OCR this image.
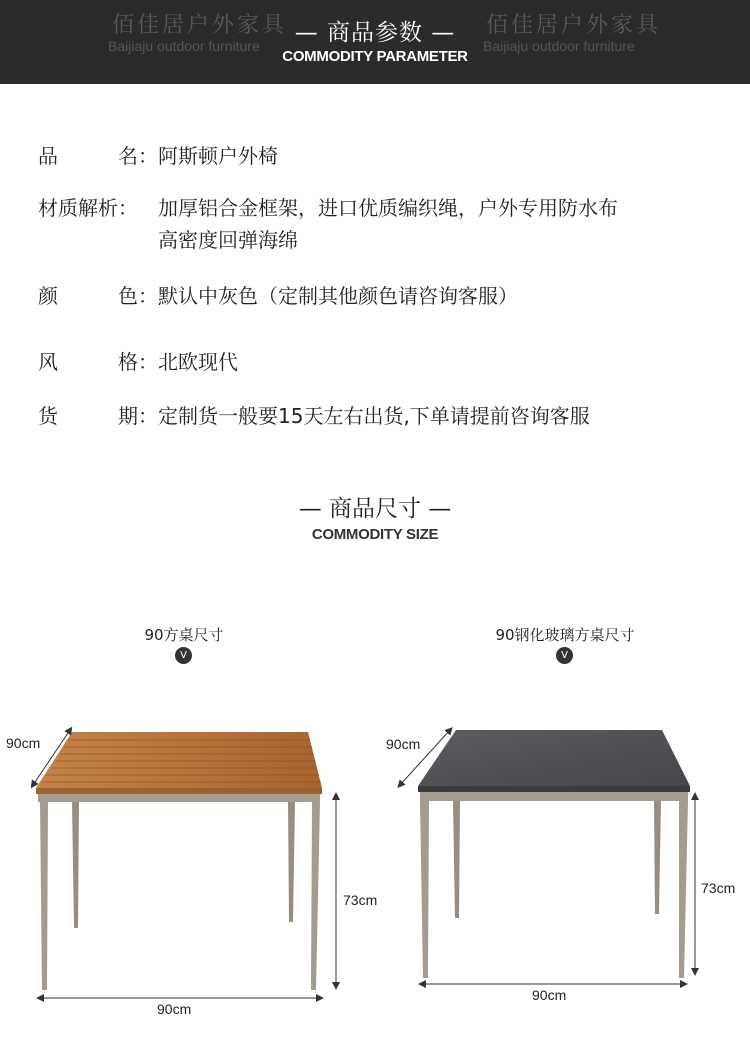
佰佳居户外家具
Baijiaju outdoor furniture
佰佳居户外家具
Baijiaju outdoor furniture
— 商品参数 —
COMMODITY PARAMETER
品	名： 阿斯顿户外椅
材质解析： 加厚铝合金框架，进口优质编织绳，户外专用防水布
高密度回弹海绵
颜	色： 默认中灰色（定制其他颜色请咨询客服）
风	格： 北欧现代
货	期： 定制货一般要15天左右出货,下单请提前咨询客服
— 商品尺寸 —
COMMODITY SIZE
90方桌尺寸
V
90钢化玻璃方桌尺寸
V
90cm
73cm
90cm
90cm
73cm
90cm
